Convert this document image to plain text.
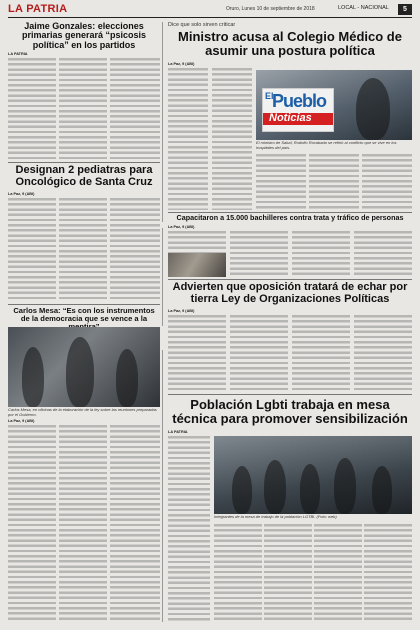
LA PATRIA	Oruro, Lunes 10 de septiembre de 2018	LOCAL - NACIONAL	5
Jaime Gonzales: elecciones primarias generará “psicosis política” en los partidos
LA PATRIA
Designan 2 pediatras para Oncológico de Santa Cruz
La Paz, 9 (ABI)
Carlos Mesa: “Es con los instrumentos de la democracia que se vence a la
Carlos Mesa, en oficinas de la elaboración de la ley sobre las reuniones preparadas por el Gobierno.
La Paz, 9 (ABI)
Dice que solo sirven criticar
Ministro acusa al Colegio Médico de asumir una postura política
La Paz, 9 (ABI)
El
Pueblo
Noticias
El ministro de Salud, Rodolfo Rocabado se refirió al conflicto que se vive en los hospitales del país.
Capacitaron a 15.000 bachilleres contra trata y tráfico de personas
La Paz, 9 (ABI)
Advierten que oposición tratará de echar por tierra Ley de Organizaciones Políticas
La Paz, 9 (ABI)
Población Lgbti trabaja en mesa técnica para promover sensibilización
LA PATRIA
Integrantes de la mesa de trabajo de la población LGTBI. (Foto: web)
